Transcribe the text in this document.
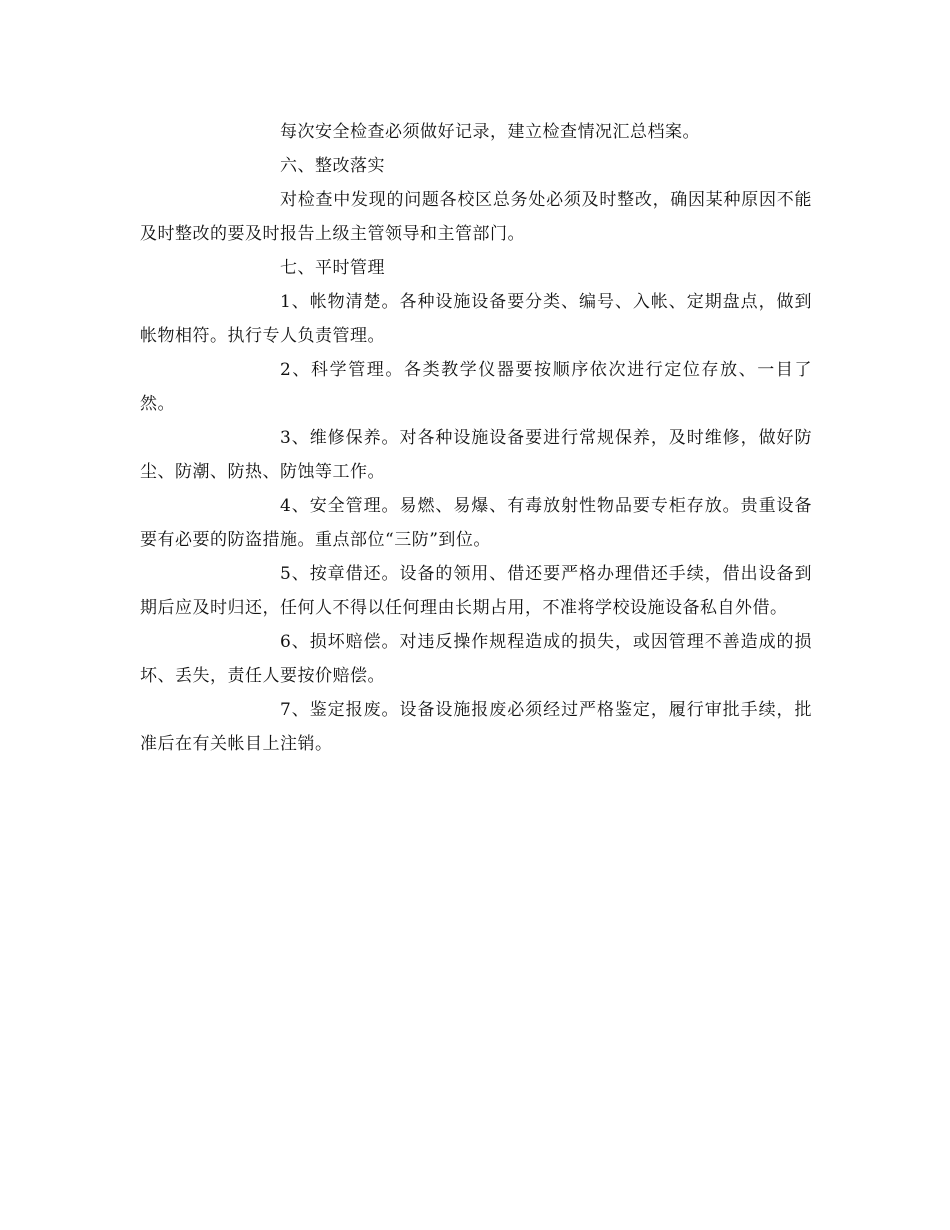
每次安全检查必须做好记录，建立检查情况汇总档案。

六、整改落实

对检查中发现的问题各校区总务处必须及时整改，确因某种原因不能及时整改的要及时报告上级主管领导和主管部门。

七、平时管理

1、帐物清楚。各种设施设备要分类、编号、入帐、定期盘点，做到帐物相符。执行专人负责管理。

2、科学管理。各类教学仪器要按顺序依次进行定位存放、一目了然。

3、维修保养。对各种设施设备要进行常规保养，及时维修，做好防尘、防潮、防热、防蚀等工作。

4、安全管理。易燃、易爆、有毒放射性物品要专柜存放。贵重设备要有必要的防盗措施。重点部位“三防”到位。

5、按章借还。设备的领用、借还要严格办理借还手续，借出设备到期后应及时归还，任何人不得以任何理由长期占用，不准将学校设施设备私自外借。

6、损坏赔偿。对违反操作规程造成的损失，或因管理不善造成的损坏、丢失，责任人要按价赔偿。

7、鉴定报废。设备设施报废必须经过严格鉴定，履行审批手续，批准后在有关帐目上注销。
